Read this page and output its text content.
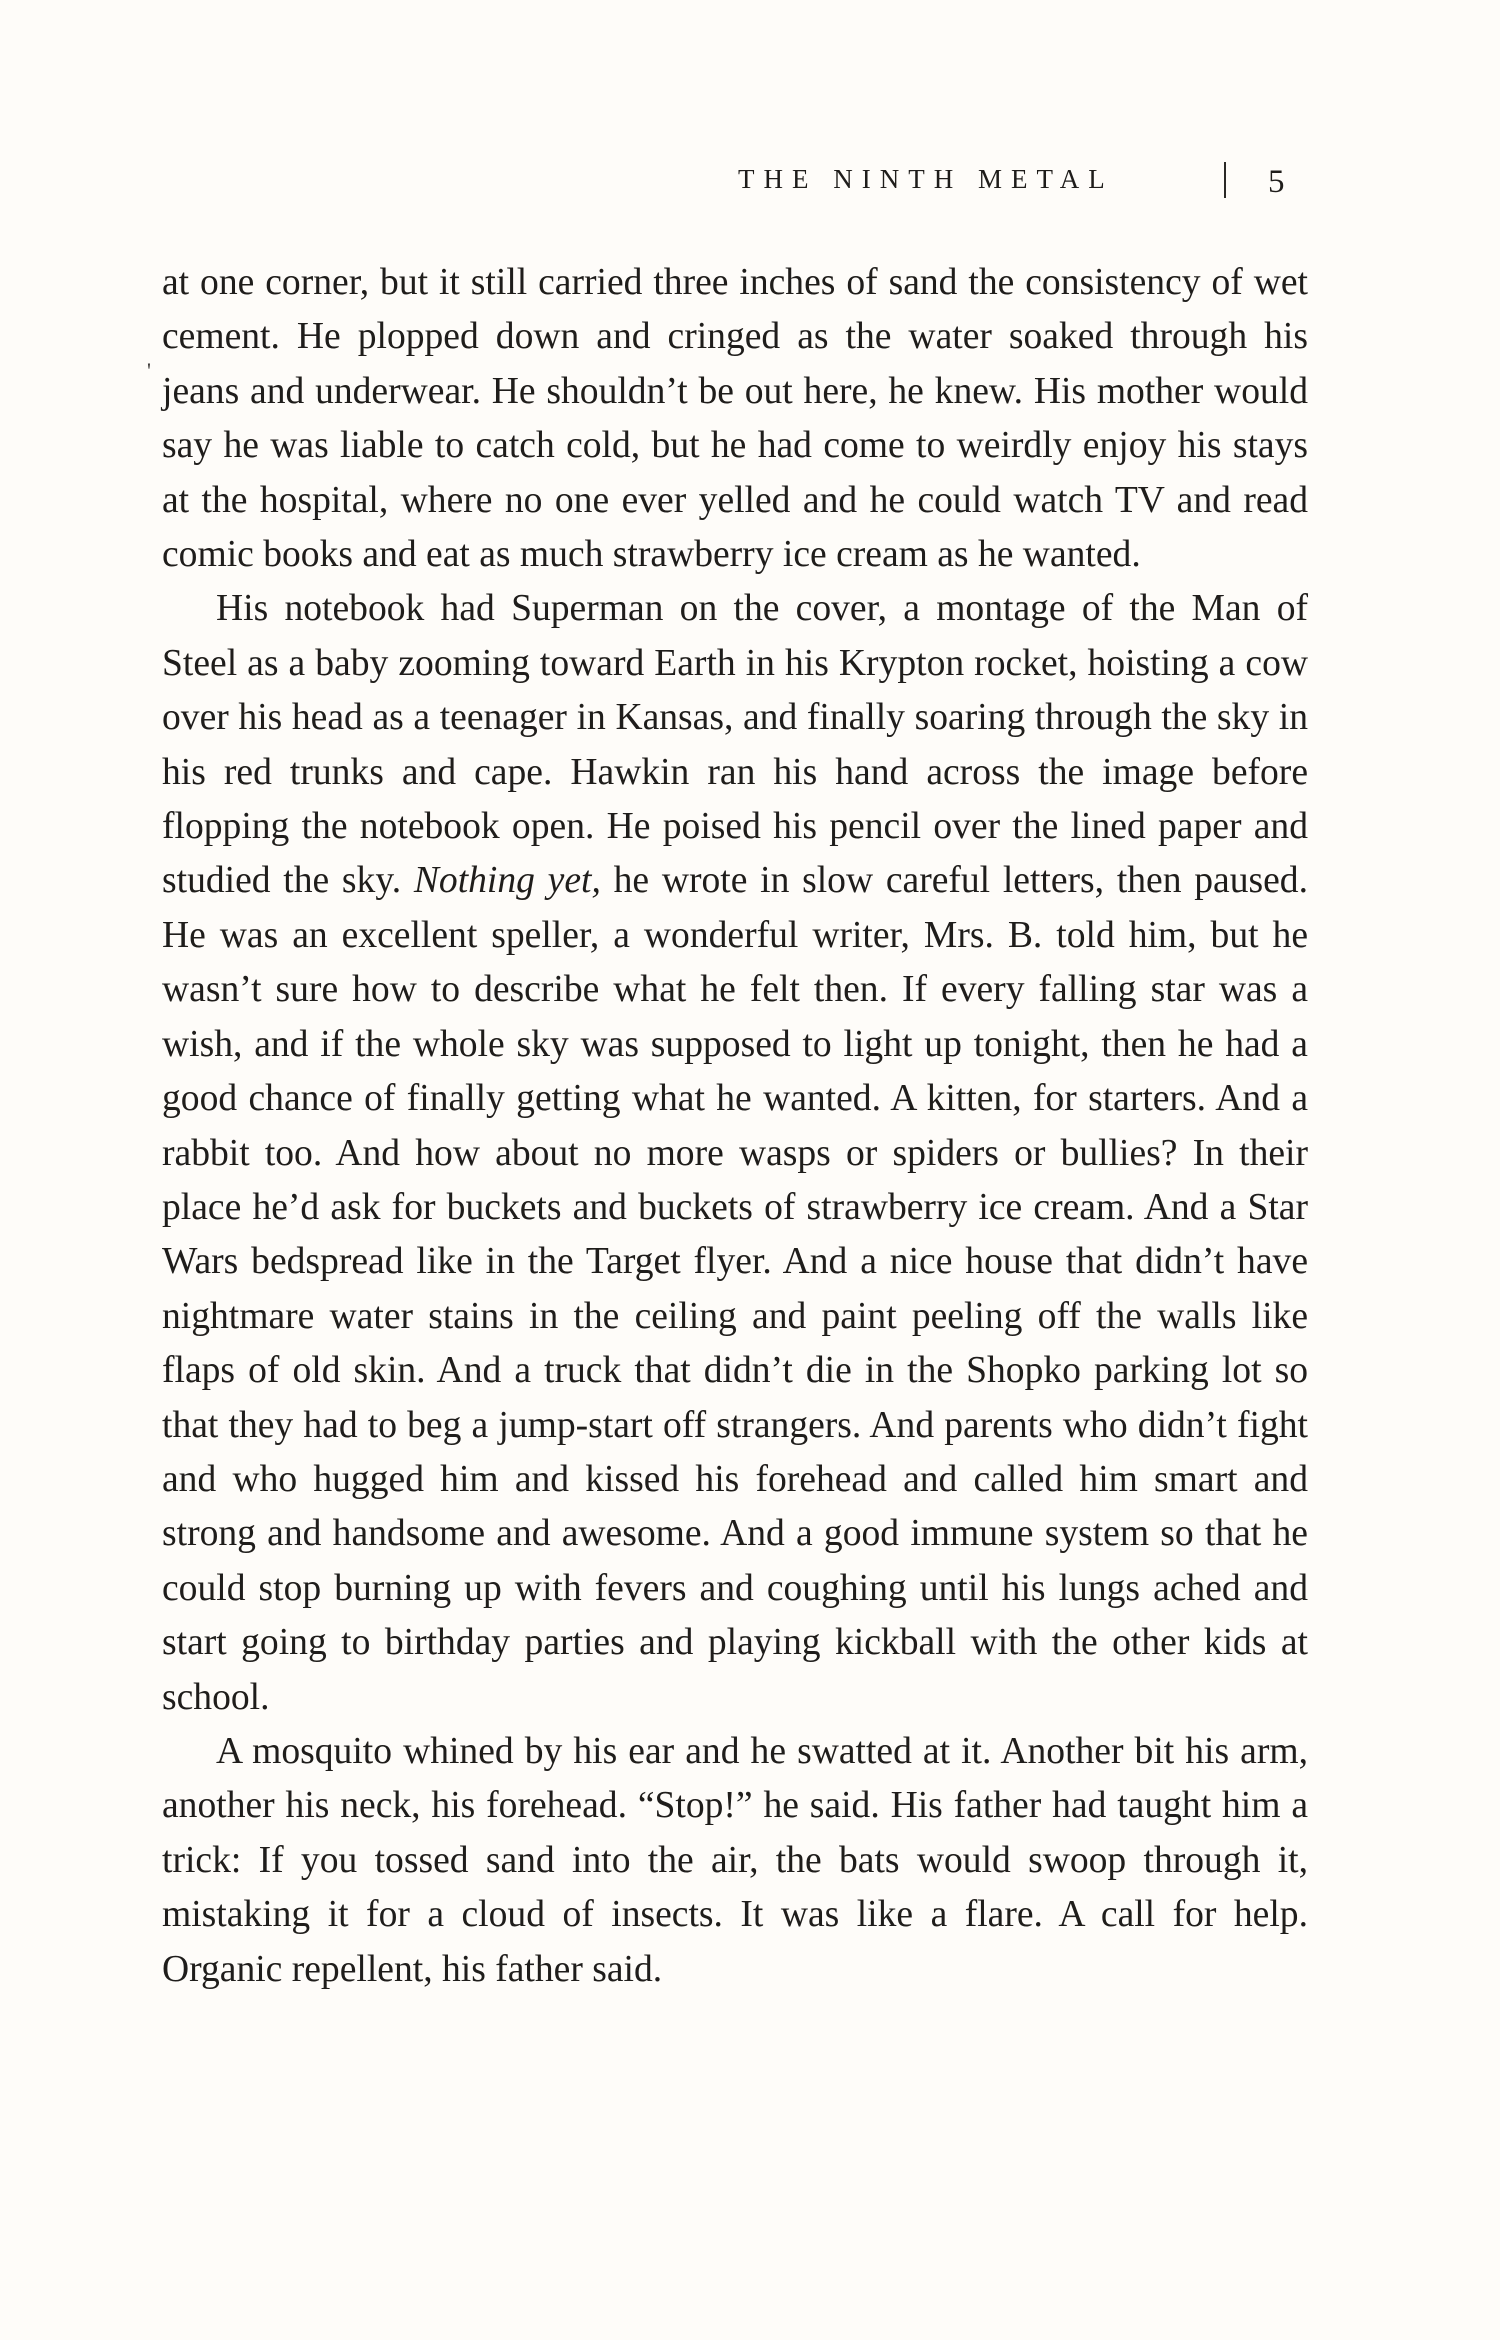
THE NINTH METAL	5
'

at one corner, but it still carried three inches of sand the consistency of wet cement. He plopped down and cringed as the water soaked through his jeans and underwear. He shouldn’t be out here, he knew. His mother would say he was liable to catch cold, but he had come to weirdly enjoy his stays at the hospital, where no one ever yelled and he could watch TV and read comic books and eat as much strawberry ice cream as he wanted.

His notebook had Superman on the cover, a montage of the Man of Steel as a baby zooming toward Earth in his Krypton rocket, hoisting a cow over his head as a teenager in Kansas, and finally soaring through the sky in his red trunks and cape. Hawkin ran his hand across the image before flopping the notebook open. He poised his pencil over the lined paper and studied the sky. Nothing yet, he wrote in slow careful letters, then paused. He was an excellent speller, a wonderful writer, Mrs. B. told him, but he wasn’t sure how to describe what he felt then. If every falling star was a wish, and if the whole sky was supposed to light up tonight, then he had a good chance of finally getting what he wanted. A kitten, for starters. And a rabbit too. And how about no more wasps or spiders or bullies? In their place he’d ask for buckets and buckets of strawberry ice cream. And a Star Wars bedspread like in the Target flyer. And a nice house that didn’t have nightmare water stains in the ceiling and paint peeling off the walls like flaps of old skin. And a truck that didn’t die in the Shopko parking lot so that they had to beg a jump-start off strangers. And parents who didn’t fight and who hugged him and kissed his forehead and called him smart and strong and handsome and awesome. And a good immune system so that he could stop burning up with fevers and coughing until his lungs ached and start going to birthday parties and playing kickball with the other kids at school.

A mosquito whined by his ear and he swatted at it. Another bit his arm, another his neck, his forehead. “Stop!” he said. His father had taught him a trick: If you tossed sand into the air, the bats would swoop through it, mistaking it for a cloud of insects. It was like a flare. A call for help. Organic repellent, his father said.
